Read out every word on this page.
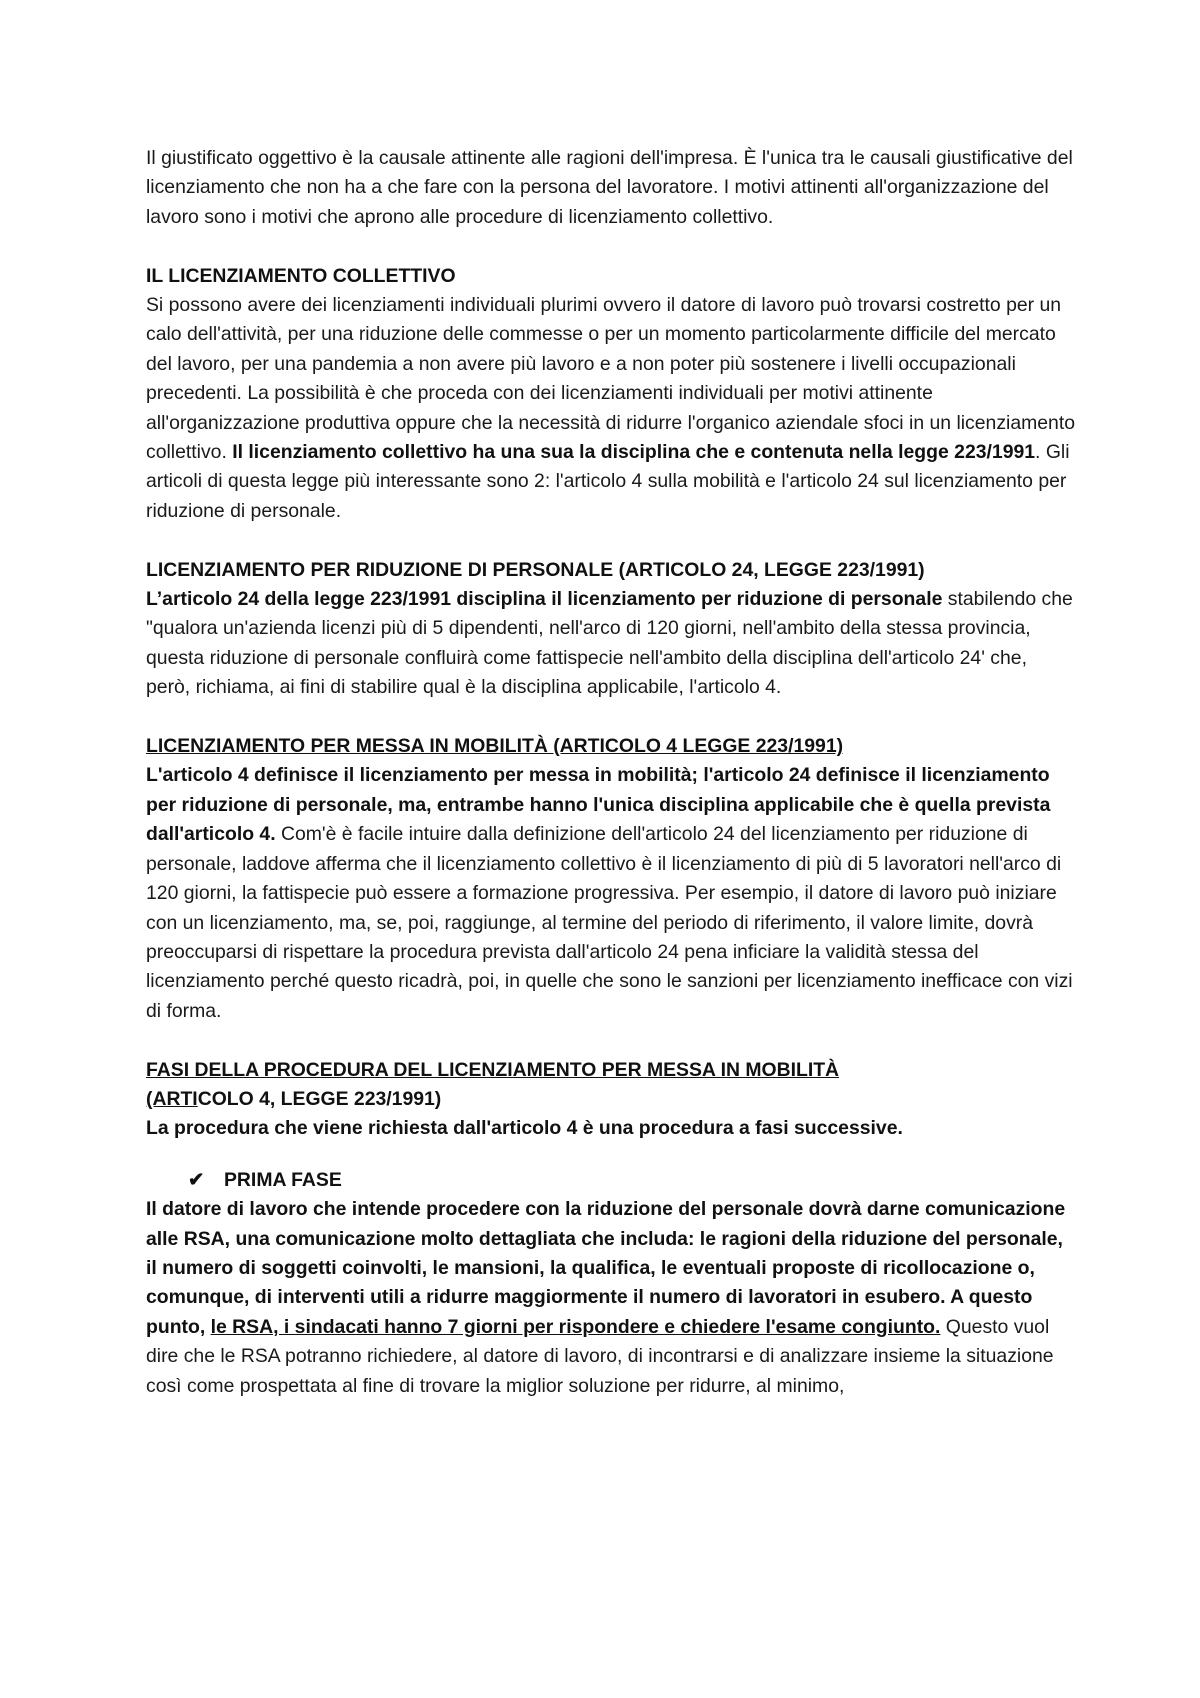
Il giustificato oggettivo è la causale attinente alle ragioni dell'impresa. È l'unica tra le causali giustificative del licenziamento che non ha a che fare con la persona del lavoratore. I motivi attinenti all'organizzazione del lavoro sono i motivi che aprono alle procedure di licenziamento collettivo.

IL LICENZIAMENTO COLLETTIVO

Si possono avere dei licenziamenti individuali plurimi ovvero il datore di lavoro può trovarsi costretto per un calo dell'attività, per una riduzione delle commesse o per un momento particolarmente difficile del mercato del lavoro, per una pandemia a non avere più lavoro e a non poter più sostenere i livelli occupazionali precedenti. La possibilità è che proceda con dei licenziamenti individuali per motivi attinente all'organizzazione produttiva oppure che la necessità di ridurre l'organico aziendale sfoci in un licenziamento collettivo. Il licenziamento collettivo ha una sua la disciplina che e contenuta nella legge 223/1991. Gli articoli di questa legge più interessante sono 2: l'articolo 4 sulla mobilità e l'articolo 24 sul licenziamento per riduzione di personale.

LICENZIAMENTO PER RIDUZIONE DI PERSONALE (ARTICOLO 24, LEGGE 223/1991)

L’articolo 24 della legge 223/1991 disciplina il licenziamento per riduzione di personale stabilendo che "qualora un'azienda licenzi più di 5 dipendenti, nell'arco di 120 giorni, nell'ambito della stessa provincia, questa riduzione di personale confluirà come fattispecie nell'ambito della disciplina dell'articolo 24' che, però, richiama, ai fini di stabilire qual è la disciplina applicabile, l'articolo 4.

LICENZIAMENTO PER MESSA IN MOBILITÀ (ARTICOLO 4 LEGGE 223/1991)

L'articolo 4 definisce il licenziamento per messa in mobilità; l'articolo 24 definisce il licenziamento per riduzione di personale, ma, entrambe hanno l'unica disciplina applicabile che è quella prevista dall'articolo 4. Com'è è facile intuire dalla definizione dell'articolo 24 del licenziamento per riduzione di personale, laddove afferma che il licenziamento collettivo è il licenziamento di più di 5 lavoratori nell'arco di 120 giorni, la fattispecie può essere a formazione progressiva. Per esempio, il datore di lavoro può iniziare con un licenziamento, ma, se, poi, raggiunge, al termine del periodo di riferimento, il valore limite, dovrà preoccuparsi di rispettare la procedura prevista dall'articolo 24 pena inficiare la validità stessa del licenziamento perché questo ricadrà, poi, in quelle che sono le sanzioni per licenziamento inefficace con vizi di forma.

FASI DELLA PROCEDURA DEL LICENZIAMENTO PER MESSA IN MOBILITÀ
(ARTICOLO 4, LEGGE 223/1991)

La procedura che viene richiesta dall'articolo 4 è una procedura a fasi successive.

✔ PRIMA FASE

Il datore di lavoro che intende procedere con la riduzione del personale dovrà darne comunicazione alle RSA, una comunicazione molto dettagliata che includa: le ragioni della riduzione del personale, il numero di soggetti coinvolti, le mansioni, la qualifica, le eventuali proposte di ricollocazione o, comunque, di interventi utili a ridurre maggiormente il numero di lavoratori in esubero. A questo punto, le RSA, i sindacati hanno 7 giorni per rispondere e chiedere l'esame congiunto. Questo vuol dire che le RSA potranno richiedere, al datore di lavoro, di incontrarsi e di analizzare insieme la situazione così come prospettata al fine di trovare la miglior soluzione per ridurre, al minimo,
